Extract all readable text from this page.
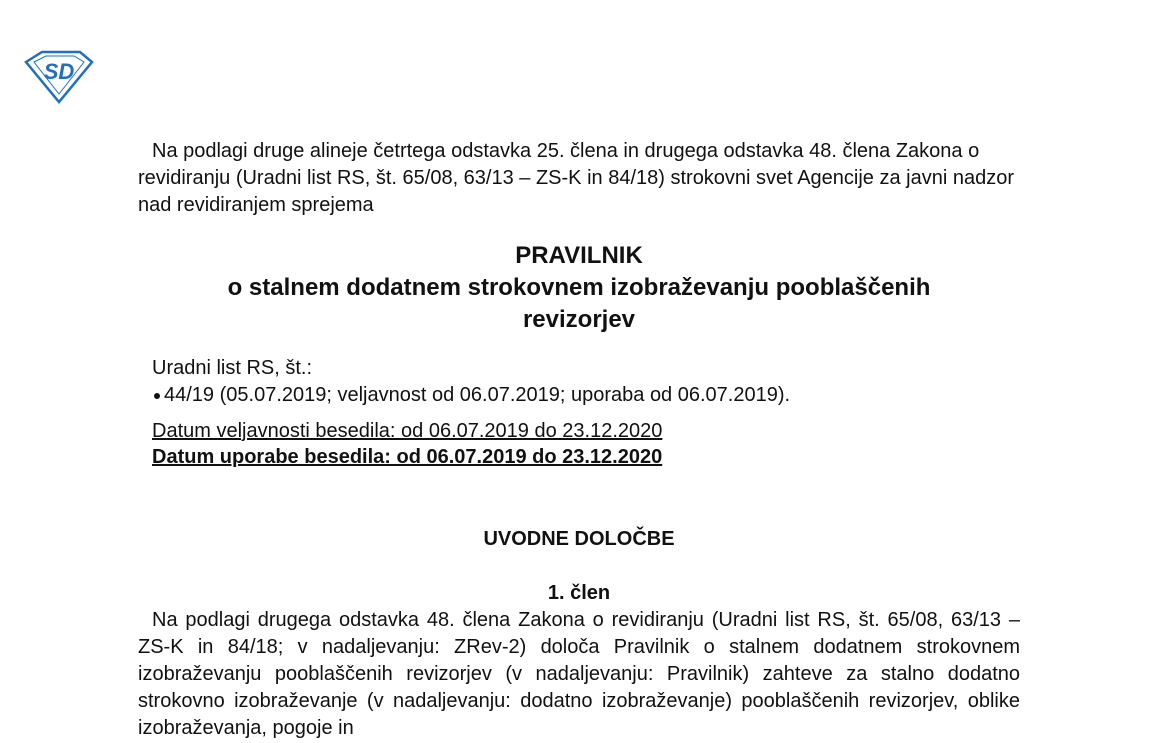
SD

Na podlagi druge alineje četrtega odstavka 25. člena in drugega odstavka 48. člena Zakona o revidiranju (Uradni list RS, št. 65/08, 63/13 – ZS-K in 84/18) strokovni svet Agencije za javni nadzor nad revidiranjem sprejema

PRAVILNIK
o stalnem dodatnem strokovnem izobraževanju pooblaščenih
revizorjev
Uradni list RS, št.:
44/19 (05.07.2019; veljavnost od 06.07.2019; uporaba od 06.07.2019).
Datum veljavnosti besedila: od 06.07.2019 do 23.12.2020
Datum uporabe besedila: od 06.07.2019 do 23.12.2020
UVODNE DOLOČBE
1. člen

Na podlagi drugega odstavka 48. člena Zakona o revidiranju (Uradni list RS, št. 65/08, 63/13 – ZS-K in 84/18; v nadaljevanju: ZRev-2) določa Pravilnik o stalnem dodatnem strokovnem izobraževanju pooblaščenih revizorjev (v nadaljevanju: Pravilnik) zahteve za stalno dodatno strokovno izobraževanje (v nadaljevanju: dodatno izobraževanje) pooblaščenih revizorjev, oblike izobraževanja, pogoje in
